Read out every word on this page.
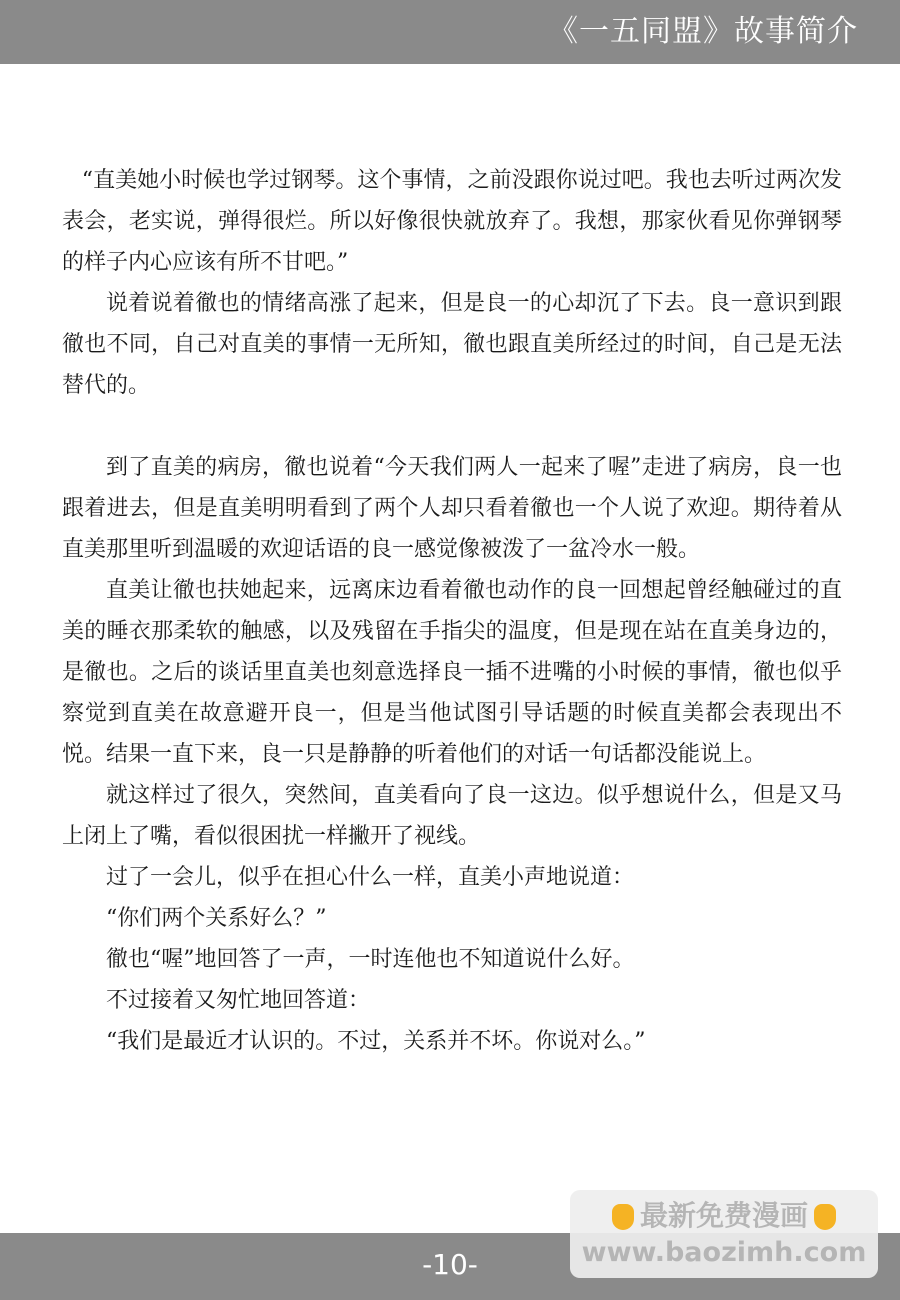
《一五同盟》故事简介

“直美她小时候也学过钢琴。这个事情，之前没跟你说过吧。我也去听过两次发表会，老实说，弹得很烂。所以好像很快就放弃了。我想，那家伙看见你弹钢琴的样子内心应该有所不甘吧。”

说着说着徹也的情绪高涨了起来，但是良一的心却沉了下去。良一意识到跟徹也不同，自己对直美的事情一无所知，徹也跟直美所经过的时间，自己是无法替代的。

到了直美的病房，徹也说着“今天我们两人一起来了喔”走进了病房，良一也跟着进去，但是直美明明看到了两个人却只看着徹也一个人说了欢迎。期待着从直美那里听到温暖的欢迎话语的良一感觉像被泼了一盆冷水一般。

直美让徹也扶她起来，远离床边看着徹也动作的良一回想起曾经触碰过的直美的睡衣那柔软的触感，以及残留在手指尖的温度，但是现在站在直美身边的，是徹也。之后的谈话里直美也刻意选择良一插不进嘴的小时候的事情，徹也似乎察觉到直美在故意避开良一，但是当他试图引导话题的时候直美都会表现出不悦。结果一直下来，良一只是静静的听着他们的对话一句话都没能说上。

就这样过了很久，突然间，直美看向了良一这边。似乎想说什么，但是又马上闭上了嘴，看似很困扰一样撇开了视线。

过了一会儿，似乎在担心什么一样，直美小声地说道：

“你们两个关系好么？”

徹也“喔”地回答了一声，一时连他也不知道说什么好。

不过接着又匆忙地回答道：

“我们是最近才认识的。不过，关系并不坏。你说对么。”

-10-
最新免费漫画
www.baozimh.com
